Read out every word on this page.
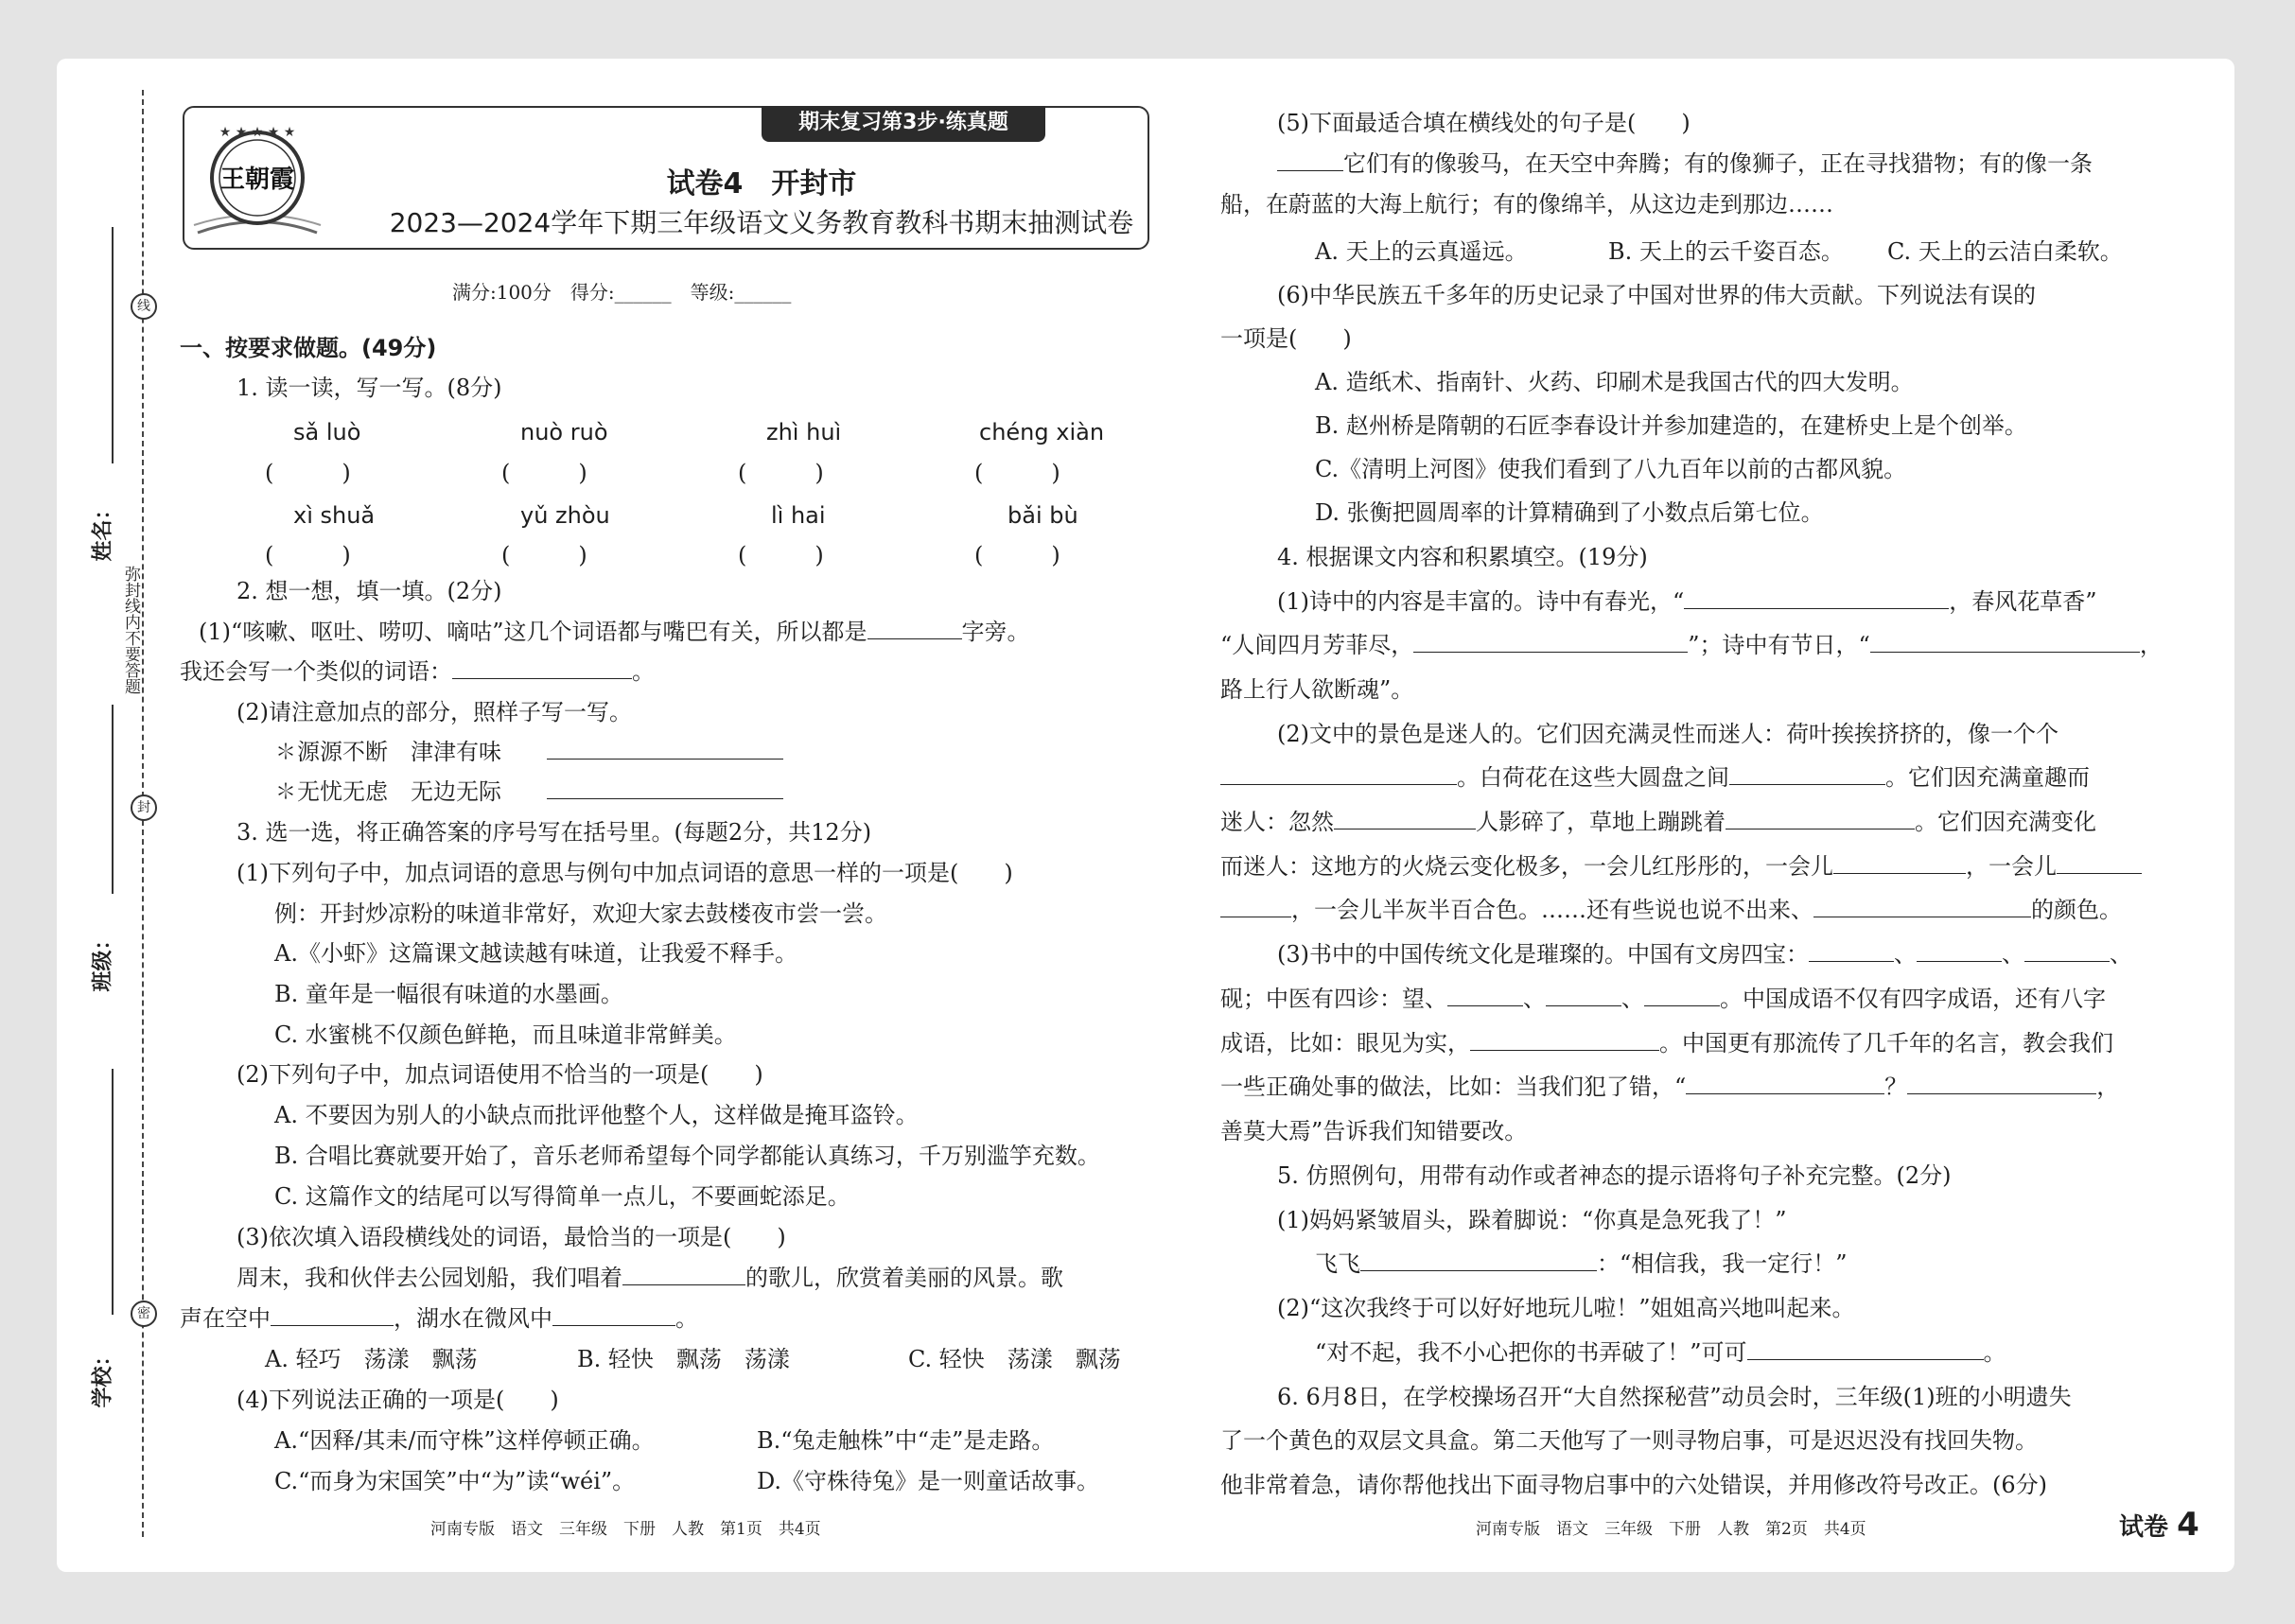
线
封
密
弥封线内不要答题
姓名：
班级：
学校：
期末复习第3步·练真题
★ ★ ★ ★ ★
王朝霞	试卷4　开封市
2023—2024学年下期三年级语文义务教育教科书期末抽测试卷
满分:100分　得分:______　等级:______
一、按要求做题。(49分)
1. 读一读，写一写。(8分)
sǎ luò	nuò ruò	zhì huì	chéng xiàn
(　　　)	(　　　)	(　　　)	(　　　)
xì shuǎ	yǔ zhòu	lì hai	bǎi bù
(　　　)	(　　　)	(　　　)	(　　　)
2. 想一想，填一填。(2分)
(1)“咳嗽、呕吐、唠叨、嘀咕”这几个词语都与嘴巴有关，所以都是	字旁。
我还会写一个类似的词语：	。
(2)请注意加点的部分，照样子写一写。
✽源源不断　津津有味　　
✽无忧无虑　无边无际　　
3. 选一选，将正确答案的序号写在括号里。(每题2分，共12分)
(1)下列句子中，加点词语的意思与例句中加点词语的意思一样的一项是(　　)
例：开封炒凉粉的味道非常好，欢迎大家去鼓楼夜市尝一尝。
A.《小虾》这篇课文越读越有味道，让我爱不释手。
B. 童年是一幅很有味道的水墨画。
C. 水蜜桃不仅颜色鲜艳，而且味道非常鲜美。
(2)下列句子中，加点词语使用不恰当的一项是(　　)
A. 不要因为别人的小缺点而批评他整个人，这样做是掩耳盗铃。
B. 合唱比赛就要开始了，音乐老师希望每个同学都能认真练习，千万别滥竽充数。
C. 这篇作文的结尾可以写得简单一点儿，不要画蛇添足。
(3)依次填入语段横线处的词语，最恰当的一项是(　　)
周末，我和伙伴去公园划船，我们唱着	的歌儿，欣赏着美丽的风景。歌
声在空中	，湖水在微风中	。
A. 轻巧　荡漾　飘荡	B. 轻快　飘荡　荡漾	C. 轻快　荡漾　飘荡
(4)下列说法正确的一项是(　　)
A.“因释/其耒/而守株”这样停顿正确。	B.“兔走触株”中“走”是走路。
C.“而身为宋国笑”中“为”读“wéi”。	D.《守株待兔》是一则童话故事。
河南专版　语文　三年级　下册　人教　第1页　共4页
(5)下面最适合填在横线处的句子是(　　)
它们有的像骏马，在天空中奔腾；有的像狮子，正在寻找猎物；有的像一条
船，在蔚蓝的大海上航行；有的像绵羊，从这边走到那边……
A. 天上的云真遥远。	B. 天上的云千姿百态。 C. 天上的云洁白柔软。
(6)中华民族五千多年的历史记录了中国对世界的伟大贡献。下列说法有误的
一项是(　　)
A. 造纸术、指南针、火药、印刷术是我国古代的四大发明。
B. 赵州桥是隋朝的石匠李春设计并参加建造的，在建桥史上是个创举。
C.《清明上河图》使我们看到了八九百年以前的古都风貌。
D. 张衡把圆周率的计算精确到了小数点后第七位。
4. 根据课文内容和积累填空。(19分)
(1)诗中的内容是丰富的。诗中有春光，“	，春风花草香”
“人间四月芳菲尽，	”；诗中有节日，“	，
路上行人欲断魂”。
(2)文中的景色是迷人的。它们因充满灵性而迷人：荷叶挨挨挤挤的，像一个个
。白荷花在这些大圆盘之间	。它们因充满童趣而
迷人：忽然	人影碎了，草地上蹦跳着	。它们因充满变化
而迷人：这地方的火烧云变化极多，一会儿红彤彤的，一会儿	，一会儿
，一会儿半灰半百合色。……还有些说也说不出来、	的颜色。
(3)书中的中国传统文化是璀璨的。中国有文房四宝：	、	、	、
砚；中医有四诊：望、	、	、	。中国成语不仅有四字成语，还有八字
成语，比如：眼见为实，	。中国更有那流传了几千年的名言，教会我们
一些正确处事的做法，比如：当我们犯了错，“	？	，
善莫大焉”告诉我们知错要改。
5. 仿照例句，用带有动作或者神态的提示语将句子补充完整。(2分)
(1)妈妈紧皱眉头，跺着脚说：“你真是急死我了！”
飞飞	：“相信我，我一定行！”
(2)“这次我终于可以好好地玩儿啦！”姐姐高兴地叫起来。
“对不起，我不小心把你的书弄破了！”可可	。
6. 6月8日，在学校操场召开“大自然探秘营”动员会时，三年级(1)班的小明遗失
了一个黄色的双层文具盒。第二天他写了一则寻物启事，可是迟迟没有找回失物。
他非常着急，请你帮他找出下面寻物启事中的六处错误，并用修改符号改正。(6分)
河南专版　语文　三年级　下册　人教　第2页　共4页	试卷 4
